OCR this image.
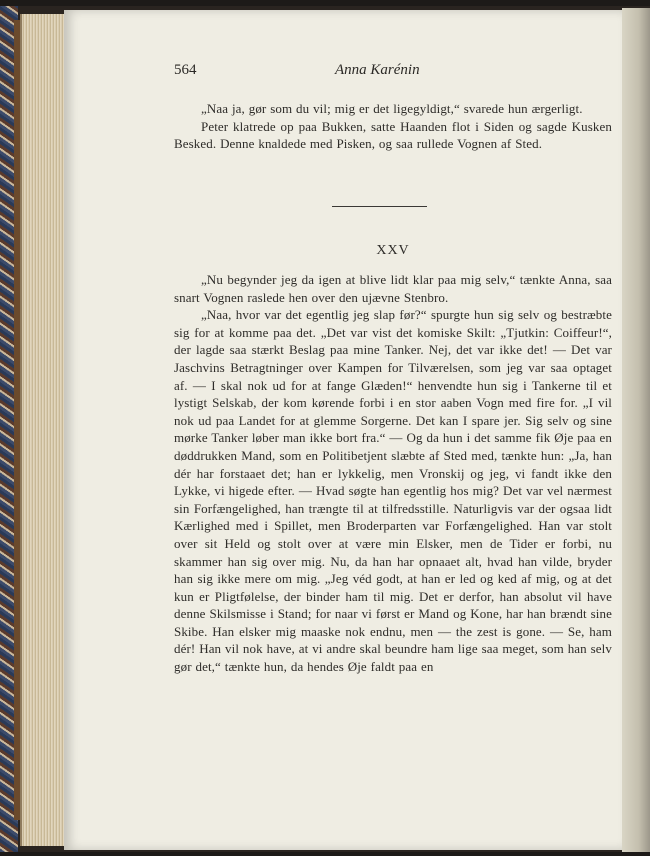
564	Anna Karénin

„Naa ja, gør som du vil; mig er det ligegyldigt,“ svarede hun ærgerligt.

Peter klatrede op paa Bukken, satte Haanden flot i Siden og sagde Kusken Besked. Denne knaldede med Pisken, og saa rullede Vognen af Sted.

XXV

„Nu begynder jeg da igen at blive lidt klar paa mig selv,“ tænkte Anna, saa snart Vognen raslede hen over den ujævne Stenbro.

„Naa, hvor var det egentlig jeg slap før?“ spurgte hun sig selv og bestræbte sig for at komme paa det. „Det var vist det komiske Skilt: „Tjutkin: Coiffeur!“, der lagde saa stærkt Beslag paa mine Tanker. Nej, det var ikke det! — Det var Jaschvins Betragtninger over Kampen for Tilværelsen, som jeg var saa optaget af. — I skal nok ud for at fange Glæden!“ henvendte hun sig i Tankerne til et lystigt Selskab, der kom kørende forbi i en stor aaben Vogn med fire for. „I vil nok ud paa Landet for at glemme Sorgerne. Det kan I spare jer. Sig selv og sine mørke Tanker løber man ikke bort fra.“ — Og da hun i det samme fik Øje paa en døddrukken Mand, som en Politibetjent slæbte af Sted med, tænkte hun: „Ja, han dér har forstaaet det; han er lykkelig, men Vronskij og jeg, vi fandt ikke den Lykke, vi higede efter. — Hvad søgte han egentlig hos mig? Det var vel nærmest sin Forfængelighed, han trængte til at tilfredsstille. Naturligvis var der ogsaa lidt Kærlighed med i Spillet, men Broderparten var Forfængelighed. Han var stolt over sit Held og stolt over at være min Elsker, men de Tider er forbi, nu skammer han sig over mig. Nu, da han har opnaaet alt, hvad han vilde, bryder han sig ikke mere om mig. „Jeg véd godt, at han er led og ked af mig, og at det kun er Pligtfølelse, der binder ham til mig. Det er derfor, han absolut vil have denne Skilsmisse i Stand; for naar vi først er Mand og Kone, har han brændt sine Skibe. Han elsker mig maaske nok endnu, men — the zest is gone. — Se, ham dér! Han vil nok have, at vi andre skal beundre ham lige saa meget, som han selv gør det,“ tænkte hun, da hendes Øje faldt paa en
